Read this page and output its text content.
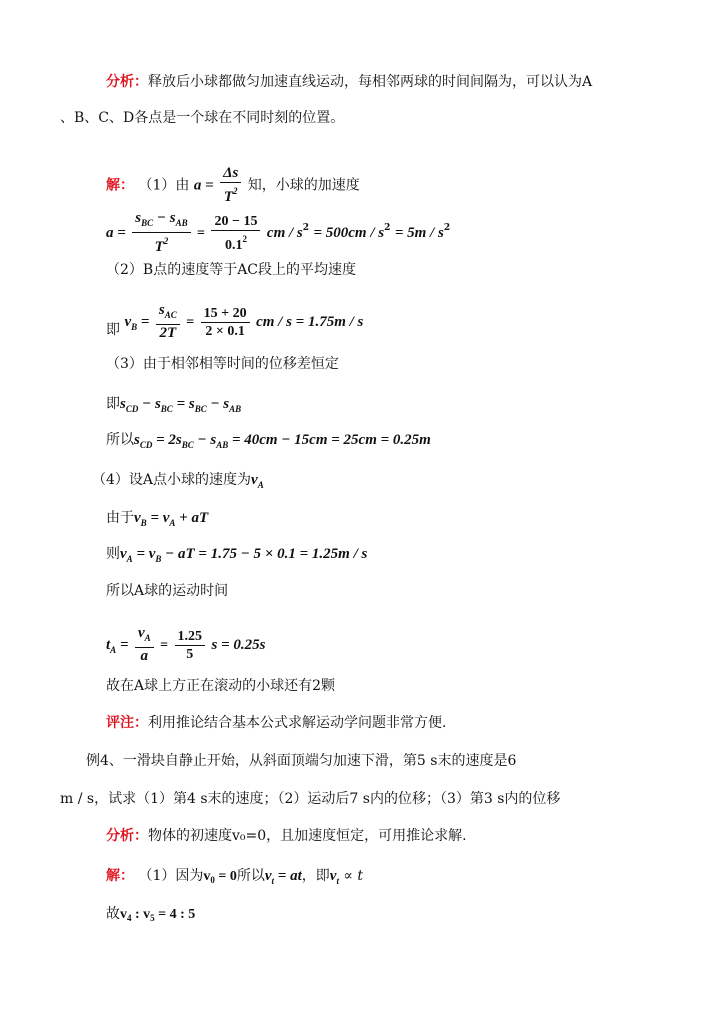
分析：释放后小球都做匀加速直线运动，每相邻两球的时间间隔为，可以认为A
、B、C、D各点是一个球在不同时刻的位置。
解： （1）由 $a = \frac{\Delta s}{T^2}$ 知，小球的加速度
$a = \frac{s_{BC} - s_{AB}}{T^2} = \frac{20 - 15}{0.1^2}$ cm / $s^2 = 500cm / s^2 = 5m / s^2$
（2）B点的速度等于AC段上的平均速度
即 $v_B = \frac{s_{AC}}{2T} = \frac{15 + 20}{2 \times 0.1}$ cm / s = 1.75m / s
（3）由于相邻相等时间的位移差恒定
即$s_{CD} - s_{BC} = s_{BC} - s_{AB}$
所以$s_{CD} = 2s_{BC} - s_{AB} = 40cm - 15cm = 25cm = 0.25m$
（4）设A点小球的速度为$v_A$
由于$v_B = v_A$ + aT
则$v_A = v_B$ − aT = 1.75 − 5 × 0.1 = 1.25m / s
所以A球的运动时间
$t_A = \frac{v_A}{a} = \frac{1.25}{5}$ s = 0.25s
故在A球上方正在滚动的小球还有2颗
评注：利用推论结合基本公式求解运动学问题非常方便.
例4、一滑块自静止开始，从斜面顶端匀加速下滑，第5 s末的速度是6
m / s，试求（1）第4 s末的速度；（2）运动后7 s内的位移；（3）第3 s内的位移
分析：物体的初速度v₀=0，且加速度恒定，可用推论求解.
解： （1）因为$v_0 = 0$所以$v_t$ = at，即$v_t \propto t$
故$v_4$ : $v_5 = 4$ : 5
